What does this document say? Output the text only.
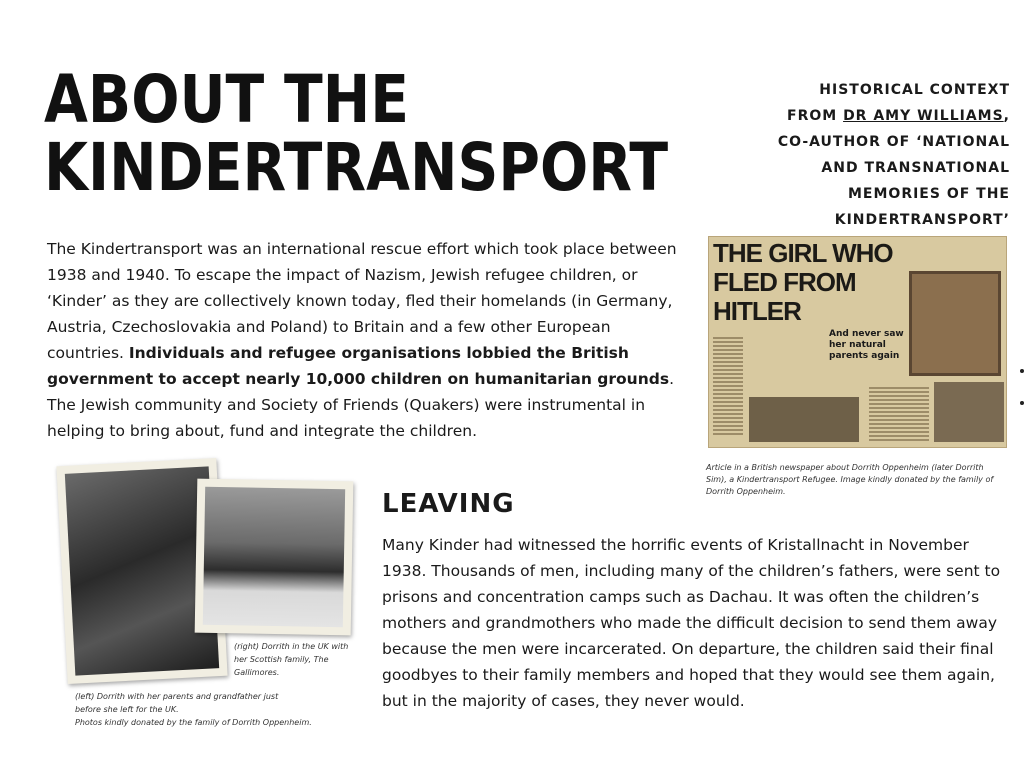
ABOUT THE
KINDERTRANSPORT
HISTORICAL CONTEXT FROM DR AMY WILLIAMS, CO-AUTHOR OF ‘NATIONAL AND TRANSNATIONAL MEMORIES OF THE KINDERTRANSPORT’

The Kindertransport was an international rescue effort which took place between 1938 and 1940. To escape the impact of Nazism, Jewish refugee children, or ‘Kinder’ as they are collectively known today, fled their homelands (in Germany, Austria, Czechoslovakia and Poland) to Britain and a few other European countries. Individuals and refugee organisations lobbied the British government to accept nearly 10,000 children on humanitarian grounds. The Jewish community and Society of Friends (Quakers) were instrumental in helping to bring about, fund and integrate the children.

THE GIRL WHO
FLED FROM
HITLER
And never saw her natural parents again

Article in a British newspaper about Dorrith Oppenheim (later Dorrith Sim), a Kindertransport Refugee. Image kindly donated by the family of Dorrith Oppenheim.

(right) Dorrith in the UK with her Scottish family, The Gallimores.

(left) Dorrith with her parents and grandfather just before she left for the UK.
Photos kindly donated by the family of Dorrith Oppenheim.
LEAVING

Many Kinder had witnessed the horrific events of Kristallnacht in November 1938. Thousands of men, including many of the children’s fathers, were sent to prisons and concentration camps such as Dachau. It was often the children’s mothers and grandmothers who made the difficult decision to send them away because the men were incarcerated. On departure, the children said their final goodbyes to their family members and hoped that they would see them again, but in the majority of cases, they never would.
